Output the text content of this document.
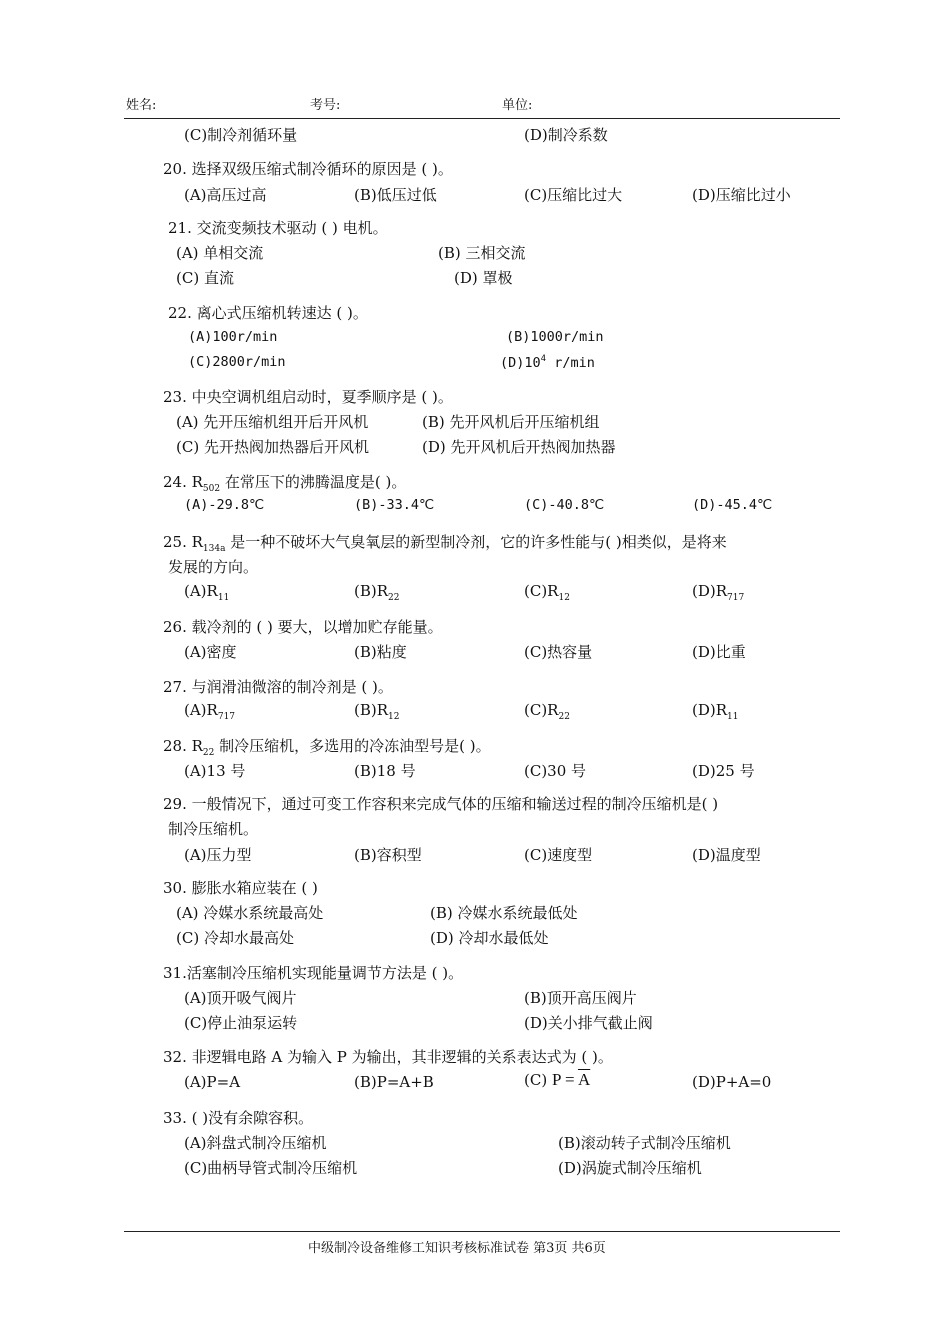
姓名:	考号:	单位:
(C)制冷剂循环量	(D)制冷系数
20. 选择双级压缩式制冷循环的原因是 ( )。
(A)高压过高	(B)低压过低	(C)压缩比过大	(D)压缩比过小
21. 交流变频技术驱动 ( ) 电机。
(A) 单相交流	(B) 三相交流
(C) 直流	(D) 罩极
22. 离心式压缩机转速达 ( )。
(A)100r/min	(B)1000r/min
(C)2800r/min	$(D)10^4$ r/min
23. 中央空调机组启动时，夏季顺序是 ( )。
(A) 先开压缩机组开后开风机	(B) 先开风机后开压缩机组
(C) 先开热阀加热器后开风机	(D) 先开风机后开热阀加热器
24. $R_{502}$ 在常压下的沸腾温度是( )。
(A)-29.8℃	(B)-33.4℃	(C)-40.8℃	(D)-45.4℃
25. $R_{134a}$ 是一种不破坏大气臭氧层的新型制冷剂，它的许多性能与( )相类似，是将来
发展的方向。
$(A)R_{11}$	$(B)R_{22}$	$(C)R_{12}$	$(D)R_{717}$
26. 载冷剂的 ( ) 要大，以增加贮存能量。
(A)密度	(B)粘度	(C)热容量	(D)比重
27. 与润滑油微溶的制冷剂是 ( )。
$(A)R_{717}$	$(B)R_{12}$	$(C)R_{22}$	$(D)R_{11}$
28. $R_{22}$ 制冷压缩机，多选用的冷冻油型号是( )。
(A)13 号	(B)18 号	(C)30 号	(D)25 号
29. 一般情况下，通过可变工作容积来完成气体的压缩和输送过程的制冷压缩机是( )
制冷压缩机。
(A)压力型	(B)容积型	(C)速度型	(D)温度型
30. 膨胀水箱应装在 ( )
(A) 冷媒水系统最高处	(B) 冷媒水系统最低处
(C) 冷却水最高处	(D) 冷却水最低处
31.活塞制冷压缩机实现能量调节方法是 ( )。
(A)顶开吸气阀片	(B)顶开高压阀片
(C)停止油泵运转	(D)关小排气截止阀
32. 非逻辑电路 A 为输入 P 为输出，其非逻辑的关系表达式为 ( )。
(A)P=A	(B)P=A+B	(C) $P = \overline{A}$	(D)P+A=0
33. ( )没有余隙容积。
(A)斜盘式制冷压缩机	(B)滚动转子式制冷压缩机
(C)曲柄导管式制冷压缩机	(D)涡旋式制冷压缩机
中级制冷设备维修工知识考核标准试卷 第3页 共6页
